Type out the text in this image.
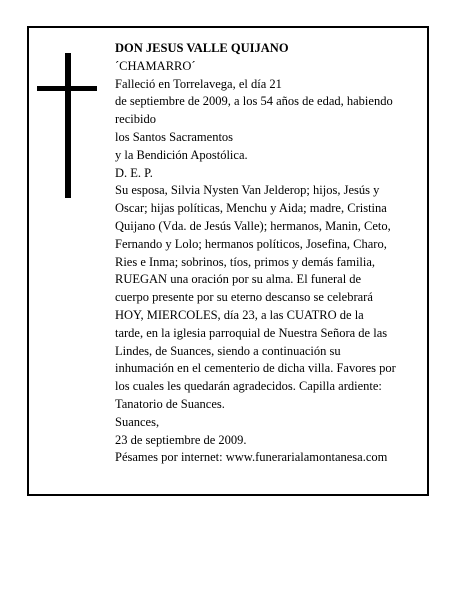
DON JESUS VALLE QUIJANO
´CHAMARRO´
Falleció en Torrelavega, el día 21
de septiembre de 2009, a los 54 años de edad, habiendo
recibido
los Santos Sacramentos
y la Bendición Apostólica.
D. E. P.
Su esposa, Silvia Nysten Van Jelderop; hijos, Jesús y
Oscar; hijas políticas, Menchu y Aida; madre, Cristina
Quijano (Vda. de Jesús Valle); hermanos, Manin, Ceto,
Fernando y Lolo; hermanos políticos, Josefina, Charo,
Ries e Inma; sobrinos, tíos, primos y demás familia,
RUEGAN una oración por su alma. El funeral de
cuerpo presente por su eterno descanso se celebrará
HOY, MIERCOLES, día 23, a las CUATRO de la
tarde, en la iglesia parroquial de Nuestra Señora de las
Lindes, de Suances, siendo a continuación su
inhumación en el cementerio de dicha villa. Favores por
los cuales les quedarán agradecidos. Capilla ardiente:
Tanatorio de Suances.
Suances,
23 de septiembre de 2009.
Pésames por internet: www.funerarialamontanesa.com
